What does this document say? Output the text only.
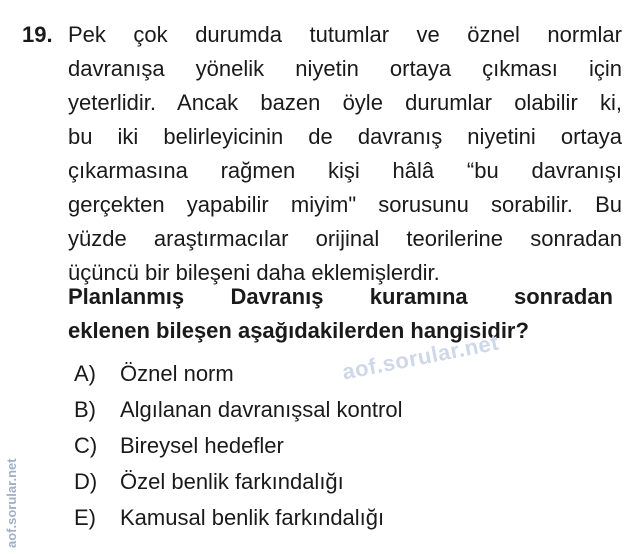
19. Pek çok durumda tutumlar ve öznel normlar
davranışa yönelik niyetin ortaya çıkması için
yeterlidir. Ancak bazen öyle durumlar olabilir ki,
bu iki belirleyicinin de davranış niyetini ortaya
çıkarmasına rağmen kişi hâlâ “bu davranışı
gerçekten yapabilir miyim" sorusunu sorabilir. Bu
yüzde araştırmacılar orijinal teorilerine sonradan
üçüncü bir bileşeni daha eklemişlerdir.
Planlanmış Davranış kuramına sonradan
eklenen bileşen aşağıdakilerden hangisidir?
A)	Öznel norm
B)	Algılanan davranışsal kontrol
C)	Bireysel hedefler
D)	Özel benlik farkındalığı
E)	Kamusal benlik farkındalığı
aof.sorular.net
aof.sorular.net
